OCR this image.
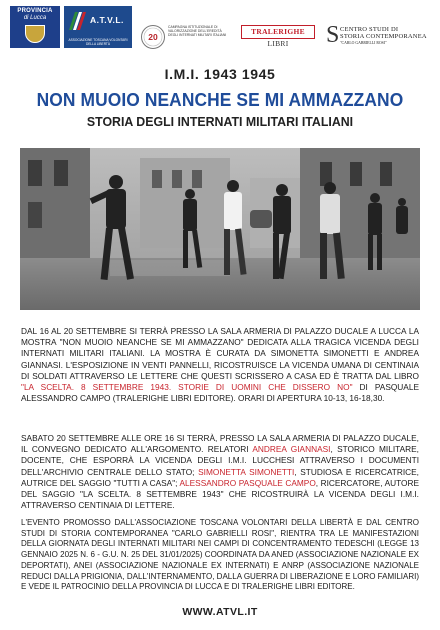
PROVINCIA
di Lucca	A.T.V.L.
ASSOCIAZIONE TOSCANA VOLONTARI DELLA LIBERTÀ
20
CAMPAGNA ISTITUZIONALE DI VALORIZZAZIONE DELL'EREDITÀ DEGLI INTERNATI MILITARI ITALIANI	TRALERIGHE LIBRI	S CENTRO STUDI DI
STORIA CONTEMPORANEA
"CARLO GABRIELLI ROSI"
I.M.I. 1943 1945
NON MUOIO NEANCHE SE MI AMMAZZANO
STORIA DEGLI INTERNATI MILITARI ITALIANI
DAL 16 AL 20 SETTEMBRE SI TERRÀ PRESSO LA SALA ARMERIA DI PALAZZO DUCALE A LUCCA LA MOSTRA "NON MUOIO NEANCHE SE MI AMMAZZANO" DEDICATA ALLA TRAGICA VICENDA DEGLI INTERNATI MILITARI ITALIANI. LA MOSTRA È CURATA DA SIMONETTA SIMONETTI E ANDREA GIANNASI. L'ESPOSIZIONE IN VENTI PANNELLI, RICOSTRUISCE LA VICENDA UMANA DI CENTINAIA DI SOLDATI ATTRAVERSO LE LETTERE CHE QUESTI SCRISSERO A CASA ED È TRATTA DAL LIBRO "LA SCELTA. 8 SETTEMBRE 1943. STORIE DI UOMINI CHE DISSERO NO" DI PASQUALE ALESSANDRO CAMPO (TRALERIGHE LIBRI EDITORE). ORARI DI APERTURA 10-13, 16-18,30.
SABATO 20 SETTEMBRE ALLE ORE 16 SI TERRÀ, PRESSO LA SALA ARMERIA DI PALAZZO DUCALE, IL CONVEGNO DEDICATO ALL'ARGOMENTO. RELATORI ANDREA GIANNASI, STORICO MILITARE, DOCENTE, CHE ESPORRÀ LA VICENDA DEGLI I.M.I. LUCCHESI ATTRAVERSO I DOCUMENTI DELL'ARCHIVIO CENTRALE DELLO STATO; SIMONETTA SIMONETTI, STUDIOSA E RICERCATRICE, AUTRICE DEL SAGGIO "TUTTI A CASA"; ALESSANDRO PASQUALE CAMPO, RICERCATORE, AUTORE DEL SAGGIO "LA SCELTA. 8 SETTEMBRE 1943" CHE RICOSTRUIRÀ LA VICENDA DEGLI I.M.I. ATTRAVERSO CENTINAIA DI LETTERE.
L'EVENTO PROMOSSO DALL'ASSOCIAZIONE TOSCANA VOLONTARI DELLA LIBERTÀ E DAL CENTRO STUDI DI STORIA CONTEMPORANEA "CARLO GABRIELLI ROSI", RIENTRA TRA LE MANIFESTAZIONI DELLA GIORNATA DEGLI INTERNATI MILITARI NEI CAMPI DI CONCENTRAMENTO TEDESCHI (LEGGE 13 GENNAIO 2025 N. 6 - G.U. N. 25 DEL 31/01/2025) COORDINATA DA ANED (ASSOCIAZIONE NAZIONALE EX DEPORTATI), ANEI (ASSOCIAZIONE NAZIONALE EX INTERNATI) E ANRP (ASSOCIAZIONE NAZIONALE REDUCI DALLA PRIGIONIA, DALL'INTERNAMENTO, DALLA GUERRA DI LIBERAZIONE E LORO FAMILIARI) E VEDE IL PATROCINIO DELLA PROVINCIA DI LUCCA E DI TRALERIGHE LIBRI EDITORE.
WWW.ATVL.IT
